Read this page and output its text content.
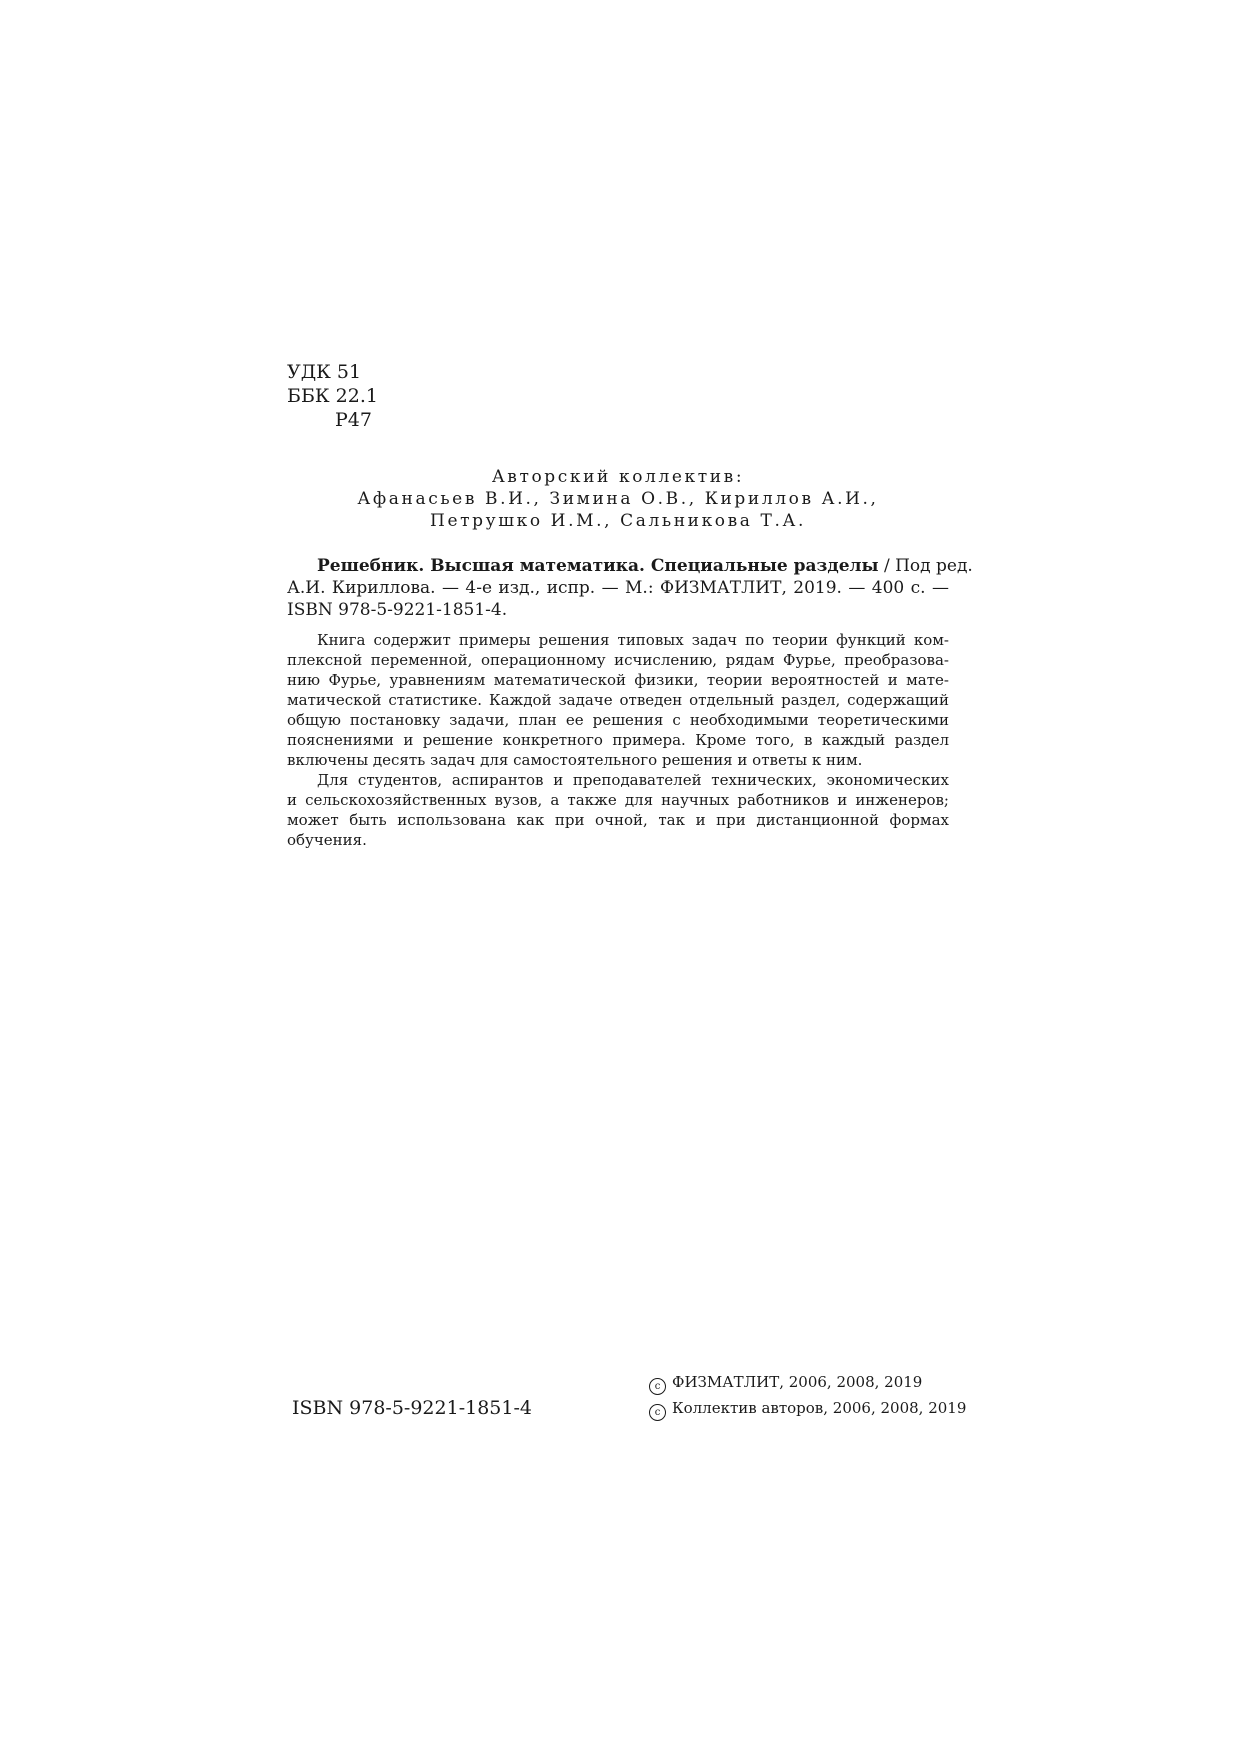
УДК 51
ББК 22.1
Р47
Авторский коллектив:
Афанасьев В.И., Зимина О.В., Кириллов А.И.,
Петрушко И.М., Сальникова Т.А.
Решебник. Высшая математика. Специальные разделы / Под ред.
А.И. Кириллова. — 4-е изд., испр. — М.: ФИЗМАТЛИТ, 2019. — 400 с. —
ISBN 978-5-9221-1851-4.
Книга содержит примеры решения типовых задач по теории функций ком-
плексной переменной, операционному исчислению, рядам Фурье, преобразова-
нию Фурье, уравнениям математической физики, теории вероятностей и мате-
матической статистике. Каждой задаче отведен отдельный раздел, содержащий
общую постановку задачи, план ее решения с необходимыми теоретическими
пояснениями и решение конкретного примера. Кроме того, в каждый раздел
включены десять задач для самостоятельного решения и ответы к ним.
Для студентов, аспирантов и преподавателей технических, экономических
и сельскохозяйственных вузов, а также для научных работников и инженеров;
может быть использована как при очной, так и при дистанционной формах
обучения.
ISBN 978-5-9221-1851-4
c ФИЗМАТЛИТ, 2006, 2008, 2019
c Коллектив авторов, 2006, 2008, 2019
